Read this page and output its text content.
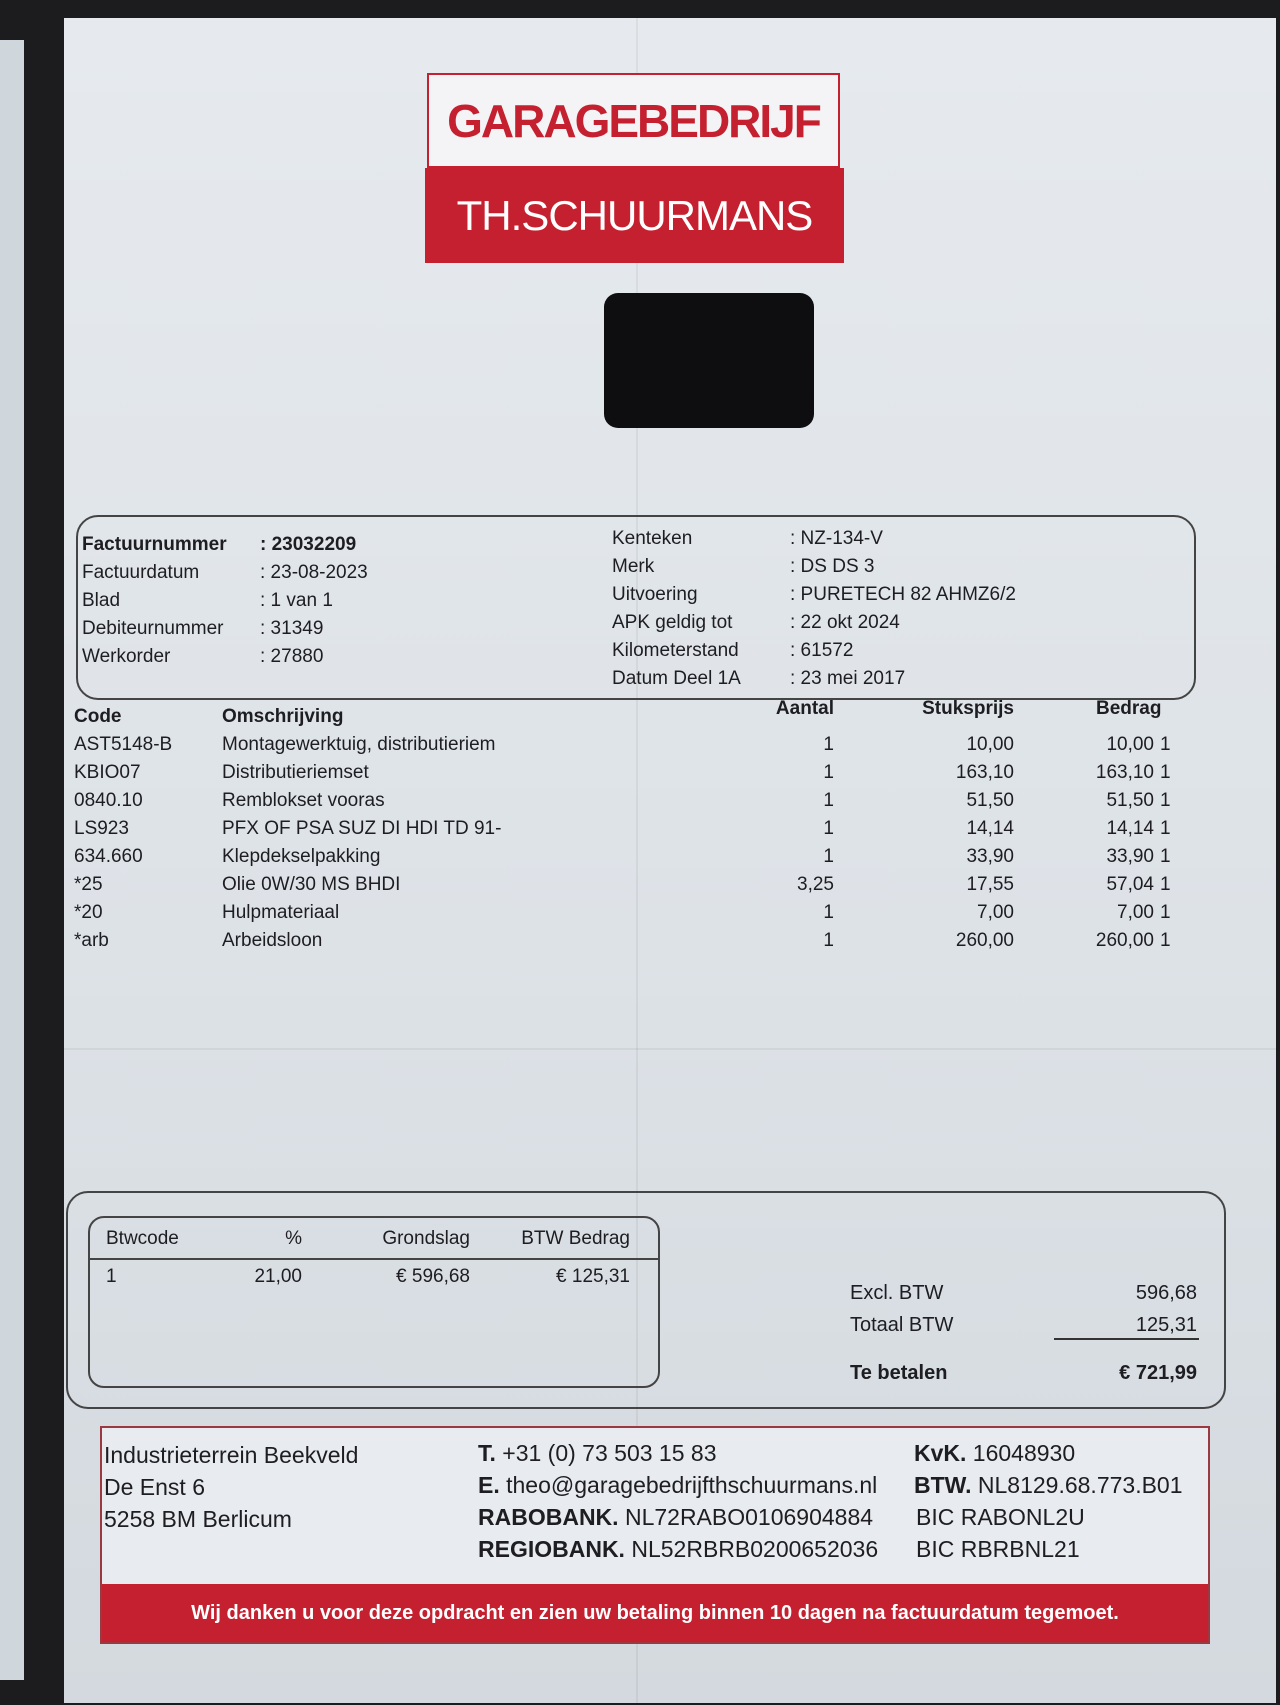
GARAGEBEDRIJF
TH.SCHUURMANS
Factuurnummer	: 23032209
Factuurdatum	: 23-08-2023
Blad	: 1 van 1
Debiteurnummer	: 31349
Werkorder	: 27880
Kenteken	: NZ-134-V
Merk	: DS DS 3
Uitvoering	: PURETECH 82 AHMZ6/2
APK geldig tot	: 22 okt 2024
Kilometerstand	: 61572
Datum Deel 1A	: 23 mei 2017
Code	Omschrijving	Aantal	Stuksprijs	Bedrag
AST5148-B	Montagewerktuig, distributieriem	1	10,00	10,00 1
KBIO07	Distributieriemset	1	163,10	163,10 1
0840.10	Remblokset vooras	1	51,50	51,50 1
LS923	PFX OF PSA SUZ DI HDI TD 91-	1	14,14	14,14 1
634.660	Klepdekselpakking	1	33,90	33,90 1
*25	Olie 0W/30 MS BHDI	3,25	17,55	57,04 1
*20	Hulpmateriaal	1	7,00	7,00 1
*arb	Arbeidsloon	1	260,00	260,00 1
Btwcode	%	Grondslag	BTW Bedrag
1	21,00	€ 596,68	€ 125,31
Excl. BTW	596,68
Totaal BTW	125,31
Te betalen	€ 721,99
Industrieterrein Beekveld
De Enst 6
5258 BM Berlicum
T. +31 (0) 73 503 15 83
E. theo@garagebedrijfthschuurmans.nl
RABOBANK. NL72RABO0106904884
REGIOBANK. NL52RBRB0200652036
KvK. 16048930
BTW. NL8129.68.773.B01
BIC RABONL2U
BIC RBRBNL21
Wij danken u voor deze opdracht en zien uw betaling binnen 10 dagen na factuurdatum tegemoet.
